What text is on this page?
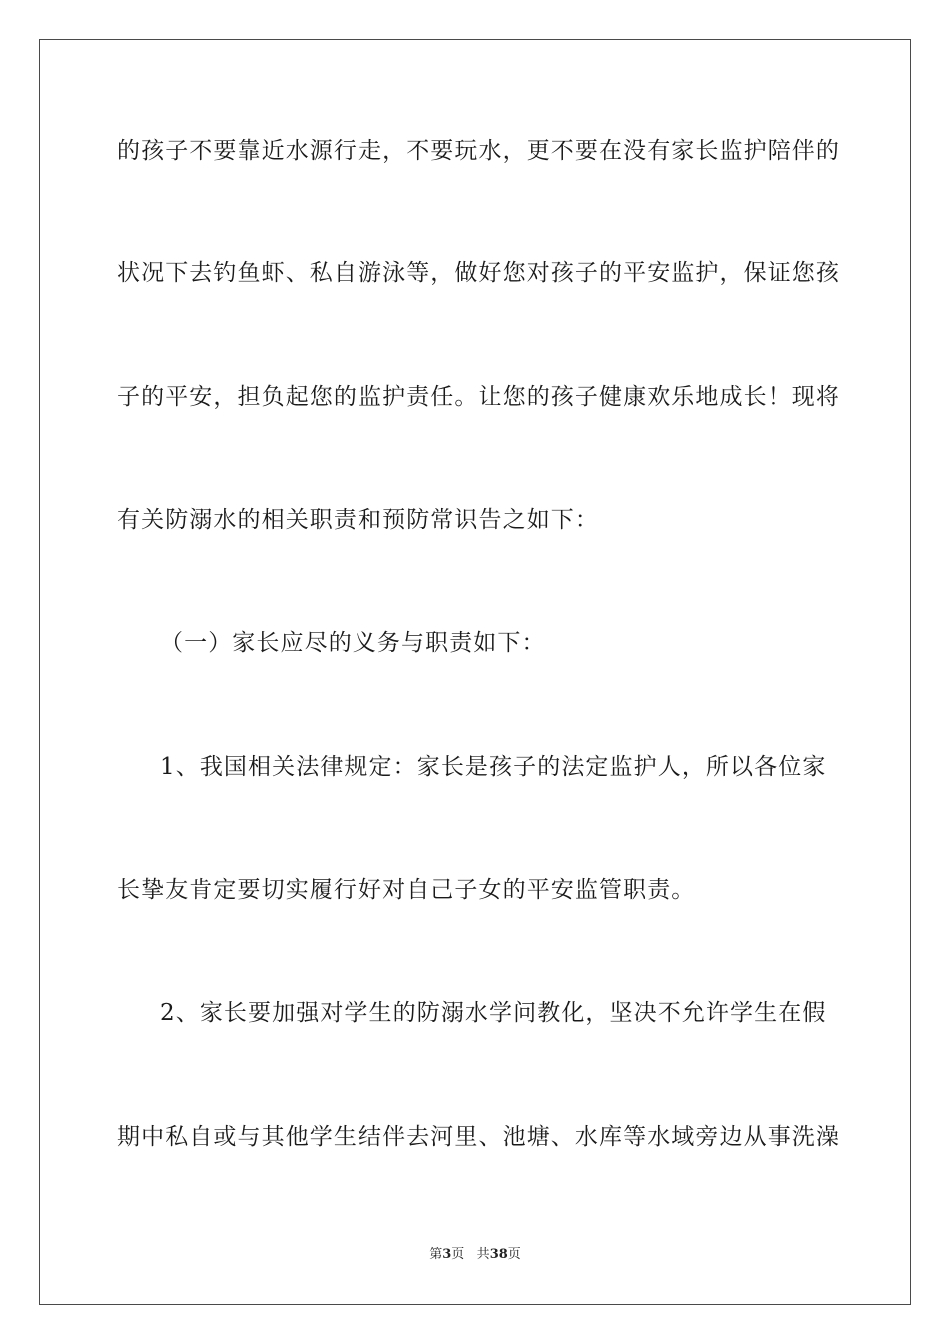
的孩子不要靠近水源行走，不要玩水，更不要在没有家长监护陪伴的
状况下去钓鱼虾、私自游泳等，做好您对孩子的平安监护，保证您孩
子的平安，担负起您的监护责任。让您的孩子健康欢乐地成长！现将
有关防溺水的相关职责和预防常识告之如下：
（一）家长应尽的义务与职责如下：
1、我国相关法律规定：家长是孩子的法定监护人，所以各位家
长挚友肯定要切实履行好对自己子女的平安监管职责。
2、家长要加强对学生的防溺水学问教化，坚决不允许学生在假
期中私自或与其他学生结伴去河里、池塘、水库等水域旁边从事洗澡
第3页 共38页
